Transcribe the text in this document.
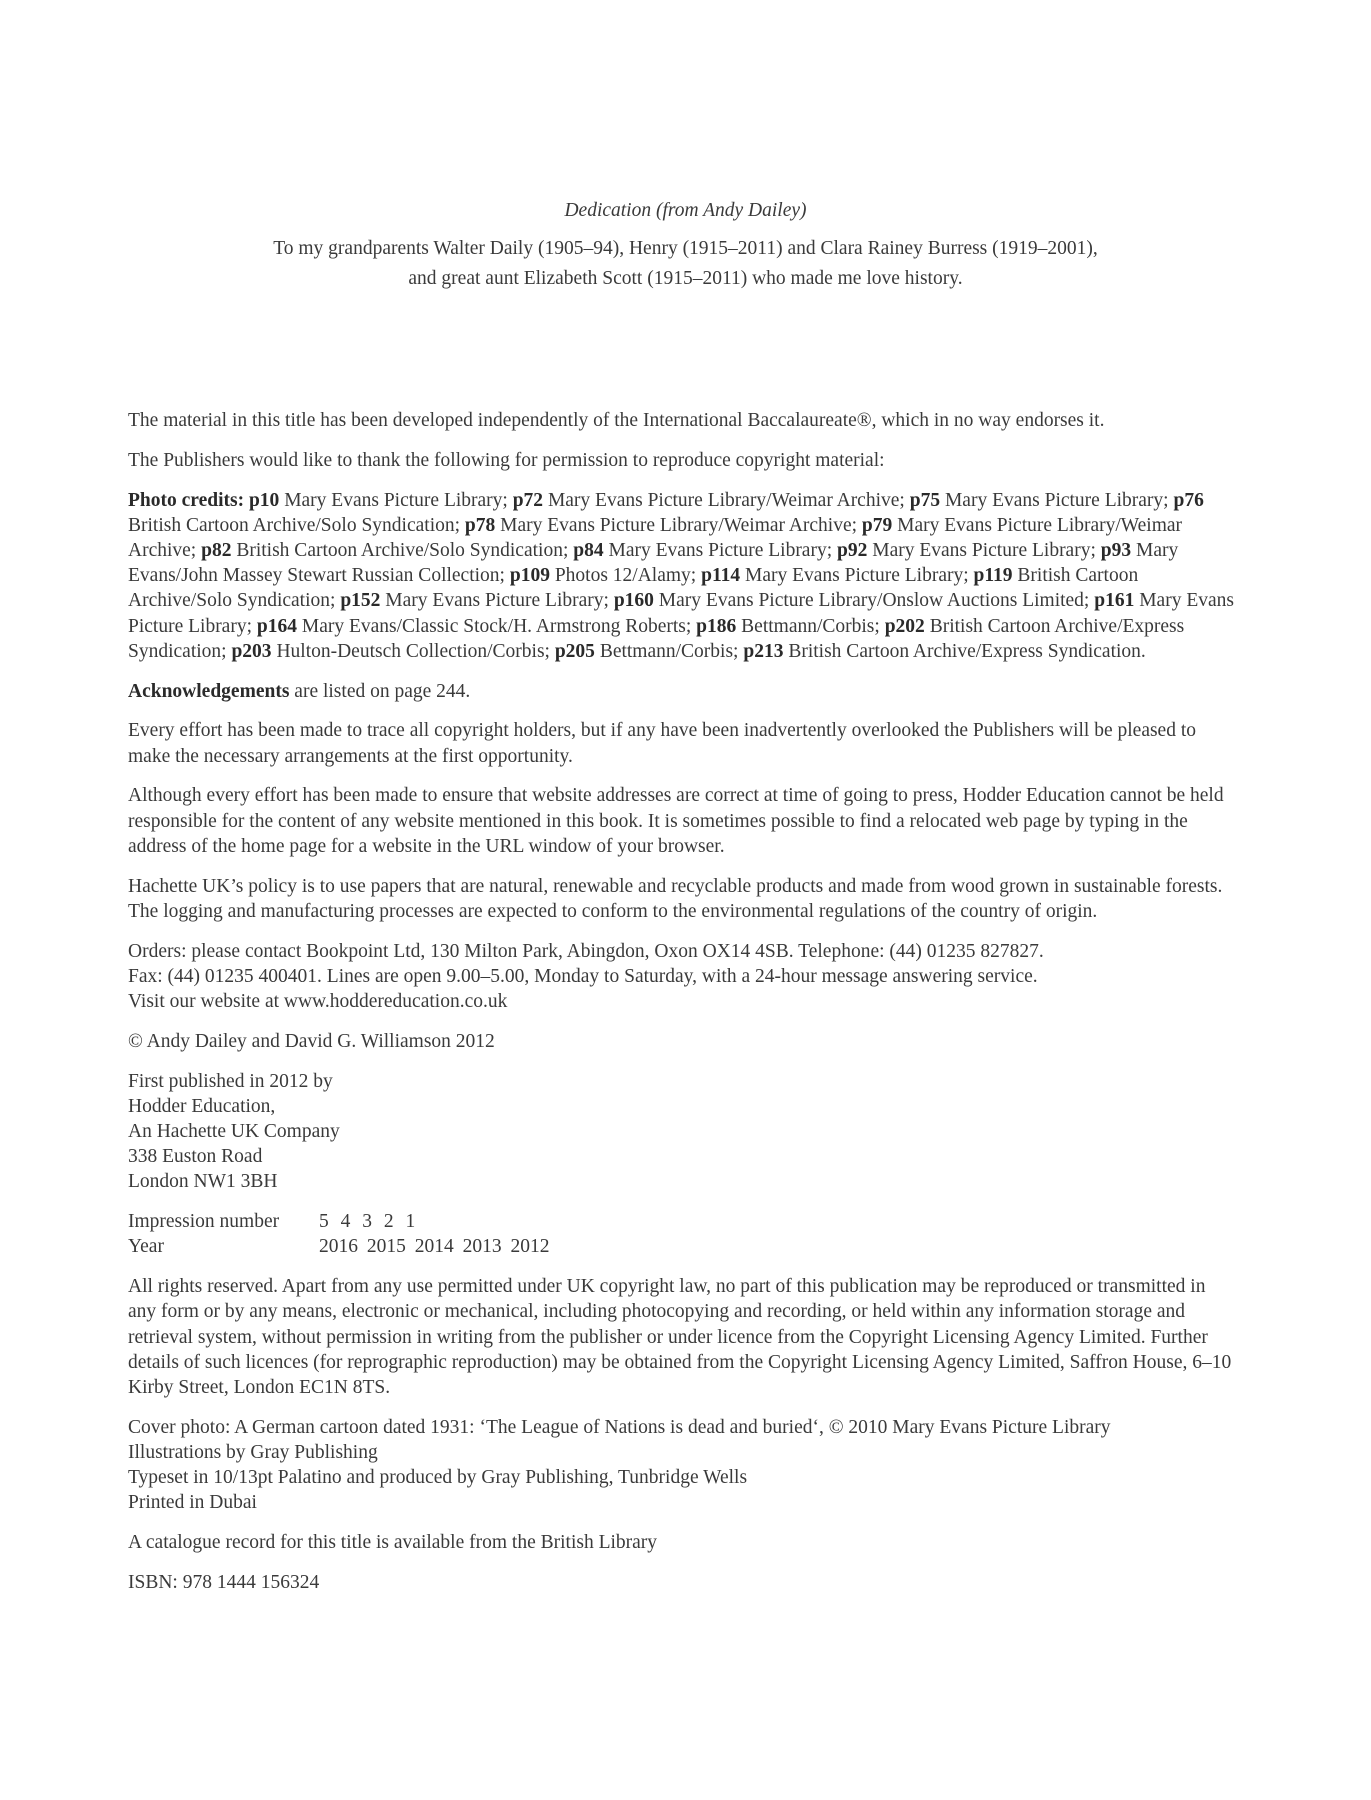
Dedication (from Andy Dailey)

To my grandparents Walter Daily (1905–94), Henry (1915–2011) and Clara Rainey Burress (1919–2001),

and great aunt Elizabeth Scott (1915–2011) who made me love history.

The material in this title has been developed independently of the International Baccalaureate®, which in no way endorses it.

The Publishers would like to thank the following for permission to reproduce copyright material:

Photo credits: p10 Mary Evans Picture Library; p72 Mary Evans Picture Library/Weimar Archive; p75 Mary Evans Picture Library; p76 British Cartoon Archive/Solo Syndication; p78 Mary Evans Picture Library/Weimar Archive; p79 Mary Evans Picture Library/Weimar Archive; p82 British Cartoon Archive/Solo Syndication; p84 Mary Evans Picture Library; p92 Mary Evans Picture Library; p93 Mary Evans/John Massey Stewart Russian Collection; p109 Photos 12/Alamy; p114 Mary Evans Picture Library; p119 British Cartoon Archive/Solo Syndication; p152 Mary Evans Picture Library; p160 Mary Evans Picture Library/Onslow Auctions Limited; p161 Mary Evans Picture Library; p164 Mary Evans/Classic Stock/H. Armstrong Roberts; p186 Bettmann/Corbis; p202 British Cartoon Archive/Express Syndication; p203 Hulton-Deutsch Collection/Corbis; p205 Bettmann/Corbis; p213 British Cartoon Archive/Express Syndication.

Acknowledgements are listed on page 244.

Every effort has been made to trace all copyright holders, but if any have been inadvertently overlooked the Publishers will be pleased to make the necessary arrangements at the first opportunity.

Although every effort has been made to ensure that website addresses are correct at time of going to press, Hodder Education cannot be held responsible for the content of any website mentioned in this book. It is sometimes possible to find a relocated web page by typing in the address of the home page for a website in the URL window of your browser.

Hachette UK’s policy is to use papers that are natural, renewable and recyclable products and made from wood grown in sustainable forests. The logging and manufacturing processes are expected to conform to the environmental regulations of the country of origin.

Orders: please contact Bookpoint Ltd, 130 Milton Park, Abingdon, Oxon OX14 4SB. Telephone: (44) 01235 827827.
Fax: (44) 01235 400401. Lines are open 9.00–5.00, Monday to Saturday, with a 24-hour message answering service.
Visit our website at www.hoddereducation.co.uk

© Andy Dailey and David G. Williamson 2012

First published in 2012 by
Hodder Education,
An Hachette UK Company
338 Euston Road
London NW1 3BH

Impression number	5 4 3 2 1
Year	2016 2015 2014 2013 2012

All rights reserved. Apart from any use permitted under UK copyright law, no part of this publication may be reproduced or transmitted in any form or by any means, electronic or mechanical, including photocopying and recording, or held within any information storage and retrieval system, without permission in writing from the publisher or under licence from the Copyright Licensing Agency Limited. Further details of such licences (for reprographic reproduction) may be obtained from the Copyright Licensing Agency Limited, Saffron House, 6–10 Kirby Street, London EC1N 8TS.

Cover photo: A German cartoon dated 1931: ‘The League of Nations is dead and buried‘, © 2010 Mary Evans Picture Library
Illustrations by Gray Publishing
Typeset in 10/13pt Palatino and produced by Gray Publishing, Tunbridge Wells
Printed in Dubai

A catalogue record for this title is available from the British Library

ISBN: 978 1444 156324
